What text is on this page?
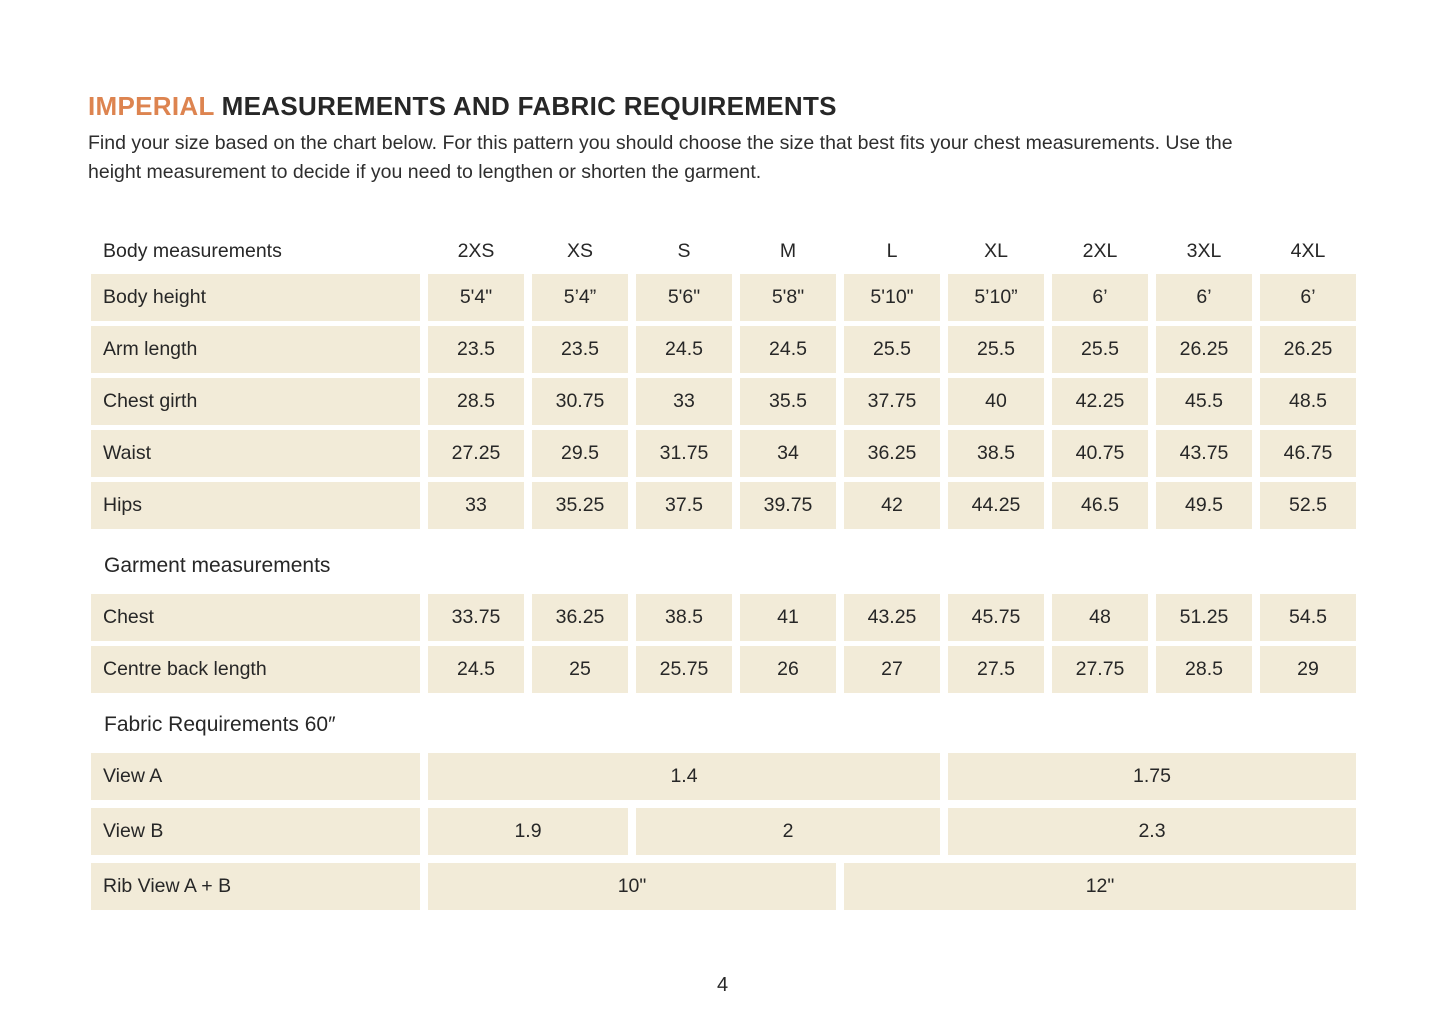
IMPERIAL MEASUREMENTS AND FABRIC REQUIREMENTS
Find your size based on the chart below. For this pattern you should choose the size that best fits your chest measurements. Use the height measurement to decide if you need to lengthen or shorten the garment.
Body measurements	2XS	XS	S	M	L	XL	2XL	3XL	4XL
Body height	5'4"	5’4”	5'6"	5'8"	5'10"	5’10”	6’	6’	6’
Arm length	23.5	23.5	24.5	24.5	25.5	25.5	25.5	26.25	26.25
Chest girth	28.5	30.75	33	35.5	37.75	40	42.25	45.5	48.5
Waist	27.25	29.5	31.75	34	36.25	38.5	40.75	43.75	46.75
Hips	33	35.25	37.5	39.75	42	44.25	46.5	49.5	52.5
Garment measurements
Chest	33.75	36.25	38.5	41	43.25	45.75	48	51.25	54.5
Centre back length	24.5	25	25.75	26	27	27.5	27.75	28.5	29
Fabric Requirements 60″
View A	1.4	1.75
View B	1.9	2	2.3
Rib View A + B	10"	12"
4
